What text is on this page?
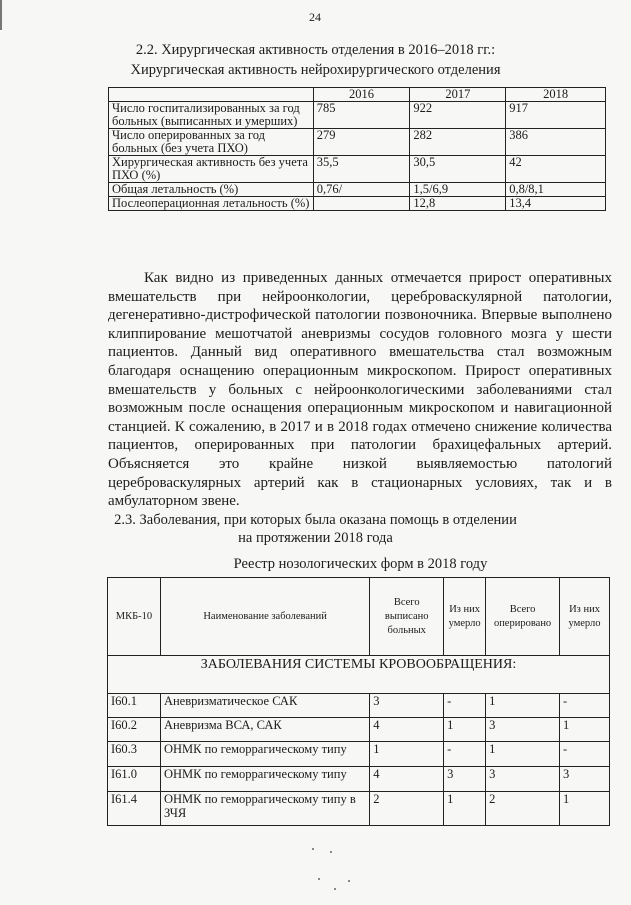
24
2.2. Хирургическая активность отделения в 2016–2018 гг.:
Хирургическая активность нейрохирургического отделения
	2016	2017	2018
Число госпитализированных за год больных (выписанных и умерших)	785	922	917
Число оперированных за год больных (без учета ПХО)	279	282	386
Хирургическая активность без учета ПХО (%)	35,5	30,5	42
Общая летальность (%)	0,76/	1,5/6,9	0,8/8,1
Послеоперационная летальность (%)		12,8	13,4

Как видно из приведенных данных отмечается прирост оперативных вмешательств при нейроонкологии, цереброваскулярной патологии, дегенеративно-дистрофической патологии позвоночника. Впервые выполнено клиппирование мешотчатой аневризмы сосудов головного мозга у шести пациентов. Данный вид оперативного вмешательства стал возможным благодаря оснащению операционным микроскопом. Прирост оперативных вмешательств у больных с нейроонкологическими заболеваниями стал возможным после оснащения операционным микроскопом и навигационной станцией. К сожалению, в 2017 и в 2018 годах отмечено снижение количества пациентов, оперированных при патологии брахицефальных артерий. Объясняется это крайне низкой выявляемостью патологий цереброваскулярных артерий как в стационарных условиях, так и в амбулаторном звене.

2.3. Заболевания, при которых была оказана помощь в отделении
на протяжении 2018 года
Реестр нозологических форм в 2018 году
МКБ-10	Наименование заболеваний	Всего выписано больных	Из них умерло	Всего оперировано	Из них умерло
ЗАБОЛЕВАНИЯ СИСТЕМЫ КРОВООБРАЩЕНИЯ:					
I60.1	Аневризматическое САК	3	-	1	-
I60.2	Аневризма ВСА, САК	4	1	3	1
I60.3	ОНМК по геморрагическому типу	1	-	1	-
I61.0	ОНМК по геморрагическому типу	4	3	3	3
I61.4	ОНМК по геморрагическому типу в ЗЧЯ	2	1	2	1
